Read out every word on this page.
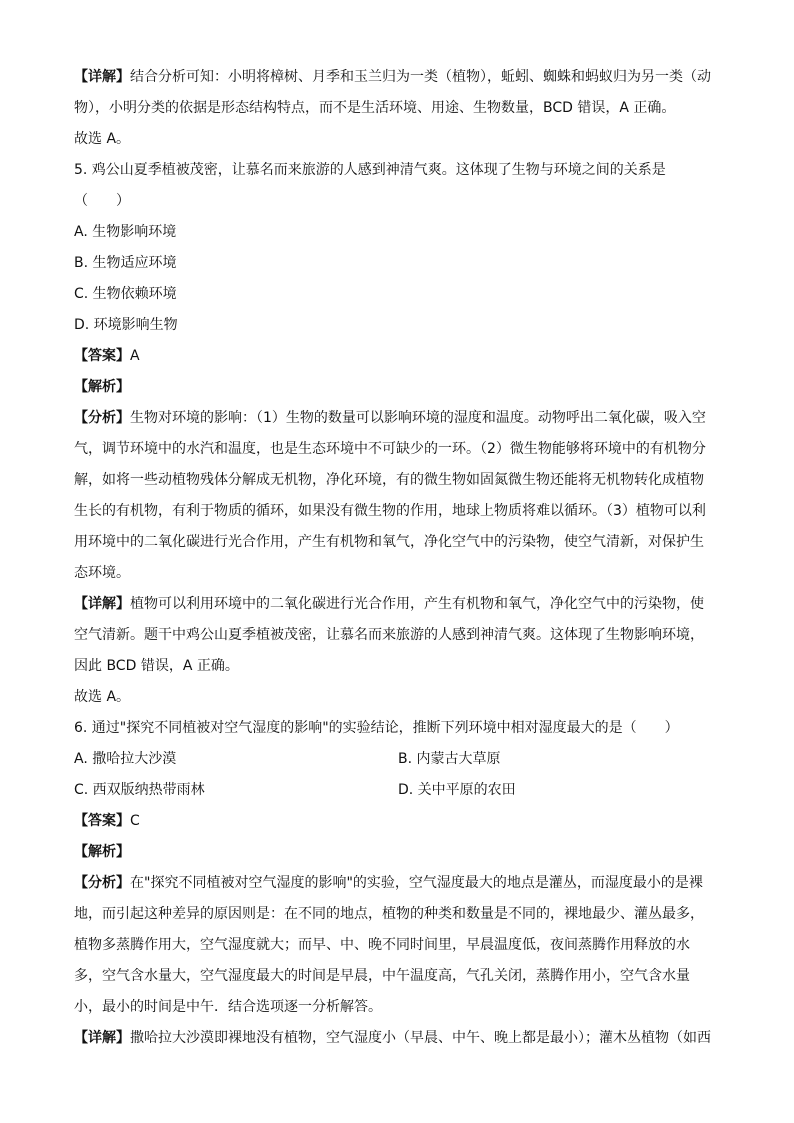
【详解】结合分析可知：小明将樟树、月季和玉兰归为一类（植物），蚯蚓、蜘蛛和蚂蚁归为另一类（动物），小明分类的依据是形态结构特点，而不是生活环境、用途、生物数量，BCD 错误，A 正确。
故选 A。
5. 鸡公山夏季植被茂密，让慕名而来旅游的人感到神清气爽。这体现了生物与环境之间的关系是
（　　）
A. 生物影响环境
B. 生物适应环境
C. 生物依赖环境
D. 环境影响生物
【答案】A
【解析】
【分析】生物对环境的影响：（1）生物的数量可以影响环境的湿度和温度。动物呼出二氧化碳，吸入空气，调节环境中的水汽和温度，也是生态环境中不可缺少的一环。（2）微生物能够将环境中的有机物分解，如将一些动植物残体分解成无机物，净化环境，有的微生物如固氮微生物还能将无机物转化成植物生长的有机物，有利于物质的循环，如果没有微生物的作用，地球上物质将难以循环。（3）植物可以利用环境中的二氧化碳进行光合作用，产生有机物和氧气，净化空气中的污染物，使空气清新，对保护生态环境。
【详解】植物可以利用环境中的二氧化碳进行光合作用，产生有机物和氧气，净化空气中的污染物，使空气清新。题干中鸡公山夏季植被茂密，让慕名而来旅游的人感到神清气爽。这体现了生物影响环境，因此 BCD 错误，A 正确。
故选 A。
6. 通过"探究不同植被对空气湿度的影响"的实验结论，推断下列环境中相对湿度最大的是（　　）
A. 撒哈拉大沙漠	B. 内蒙古大草原
C. 西双版纳热带雨林	D. 关中平原的农田
【答案】C
【解析】
【分析】在"探究不同植被对空气湿度的影响"的实验，空气湿度最大的地点是灌丛，而湿度最小的是裸地，而引起这种差异的原因则是：在不同的地点，植物的种类和数量是不同的，裸地最少、灌丛最多，植物多蒸腾作用大，空气湿度就大；而早、中、晚不同时间里，早晨温度低，夜间蒸腾作用释放的水多，空气含水量大，空气湿度最大的时间是早晨，中午温度高，气孔关闭，蒸腾作用小，空气含水量小，最小的时间是中午．结合选项逐一分析解答。
【详解】撒哈拉大沙漠即裸地没有植物，空气湿度小（早晨、中午、晚上都是最小）；灌木丛植物（如西
